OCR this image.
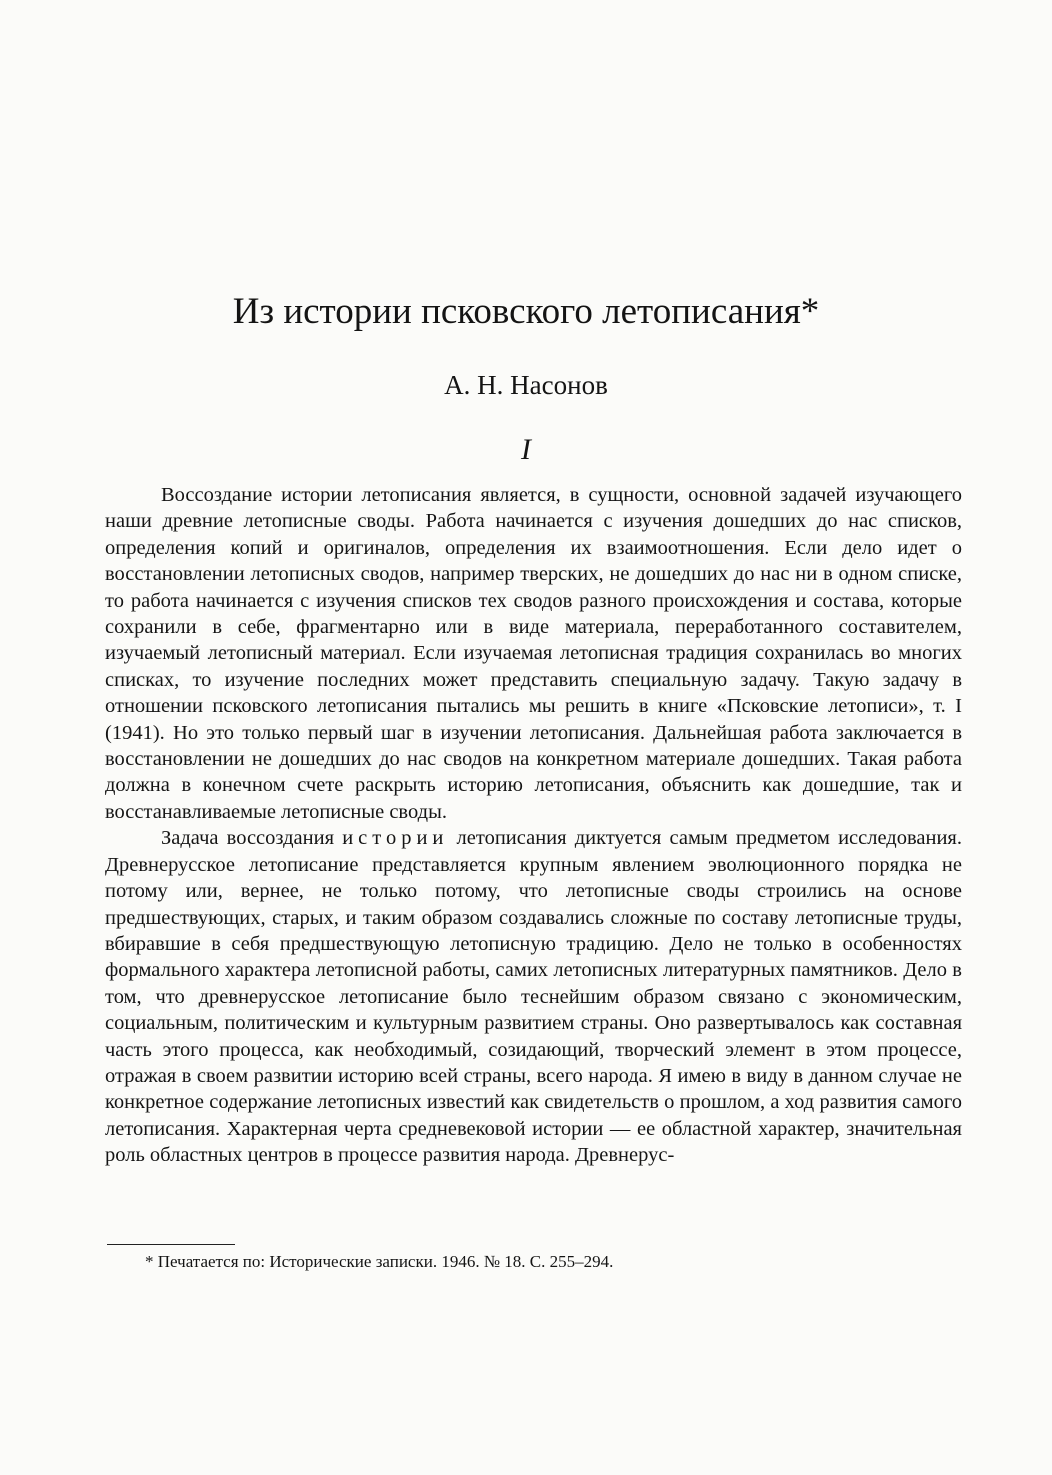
Из истории псковского летописания*
А. Н. Насонов
I

Воссоздание истории летописания является, в сущности, основной задачей изучающего наши древние летописные своды. Работа начинается с изучения дошедших до нас списков, определения копий и оригиналов, определения их взаимоотношения. Если дело идет о восстановлении летописных сводов, например тверских, не дошедших до нас ни в одном списке, то работа начинается с изучения списков тех сводов разного происхождения и состава, которые сохранили в себе, фрагментарно или в виде материала, переработанного составителем, изучаемый летописный материал. Если изучаемая летописная традиция сохранилась во многих списках, то изучение последних может представить специальную задачу. Такую задачу в отношении псковского летописания пытались мы решить в книге «Псковские летописи», т. I (1941). Но это только первый шаг в изучении летописания. Дальнейшая работа заключается в восстановлении не дошедших до нас сводов на конкретном материале дошедших. Такая работа должна в конечном счете раскрыть историю летописания, объяснить как дошедшие, так и восстанавливаемые летописные своды.

Задача воссоздания истории летописания диктуется самым предметом исследования. Древнерусское летописание представляется крупным явлением эволюционного порядка не потому или, вернее, не только потому, что летописные своды строились на основе предшествующих, старых, и таким образом создавались сложные по составу летописные труды, вбиравшие в себя предшествующую летописную традицию. Дело не только в особенностях формального характера летописной работы, самих летописных литературных памятников. Дело в том, что древнерусское летописание было теснейшим образом связано с экономическим, социальным, политическим и культурным развитием страны. Оно развертывалось как составная часть этого процесса, как необходимый, созидающий, творческий элемент в этом процессе, отражая в своем развитии историю всей страны, всего народа. Я имею в виду в данном случае не конкретное содержание летописных известий как свидетельств о прошлом, а ход развития самого летописания. Характерная черта средневековой истории — ее областной характер, значительная роль областных центров в процессе развития народа. Древнерус-

* Печатается по: Исторические записки. 1946. № 18. С. 255–294.
